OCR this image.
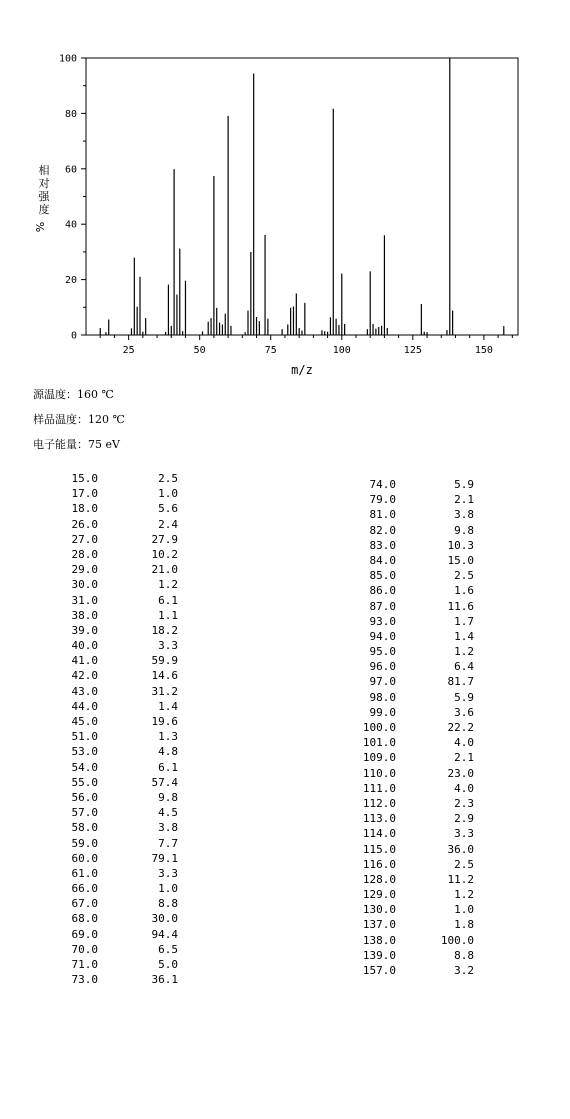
25	50	75	100	125	150
0
20
40
60
80
100
m/z
相对强度
%
源温度：160 ℃
样品温度：120 ℃
电子能量：75 eV
15.0	2.5
17.0	1.0
18.0	5.6
26.0	2.4
27.0	27.9
28.0	10.2
29.0	21.0
30.0	1.2
31.0	6.1
38.0	1.1
39.0	18.2
40.0	3.3
41.0	59.9
42.0	14.6
43.0	31.2
44.0	1.4
45.0	19.6
51.0	1.3
53.0	4.8
54.0	6.1
55.0	57.4
56.0	9.8
57.0	4.5
58.0	3.8
59.0	7.7
60.0	79.1
61.0	3.3
66.0	1.0
67.0	8.8
68.0	30.0
69.0	94.4
70.0	6.5
71.0	5.0
73.0	36.1
74.0	5.9
79.0	2.1
81.0	3.8
82.0	9.8
83.0	10.3
84.0	15.0
85.0	2.5
86.0	1.6
87.0	11.6
93.0	1.7
94.0	1.4
95.0	1.2
96.0	6.4
97.0	81.7
98.0	5.9
99.0	3.6
100.0	22.2
101.0	4.0
109.0	2.1
110.0	23.0
111.0	4.0
112.0	2.3
113.0	2.9
114.0	3.3
115.0	36.0
116.0	2.5
128.0	11.2
129.0	1.2
130.0	1.0
137.0	1.8
138.0	100.0
139.0	8.8
157.0	3.2
